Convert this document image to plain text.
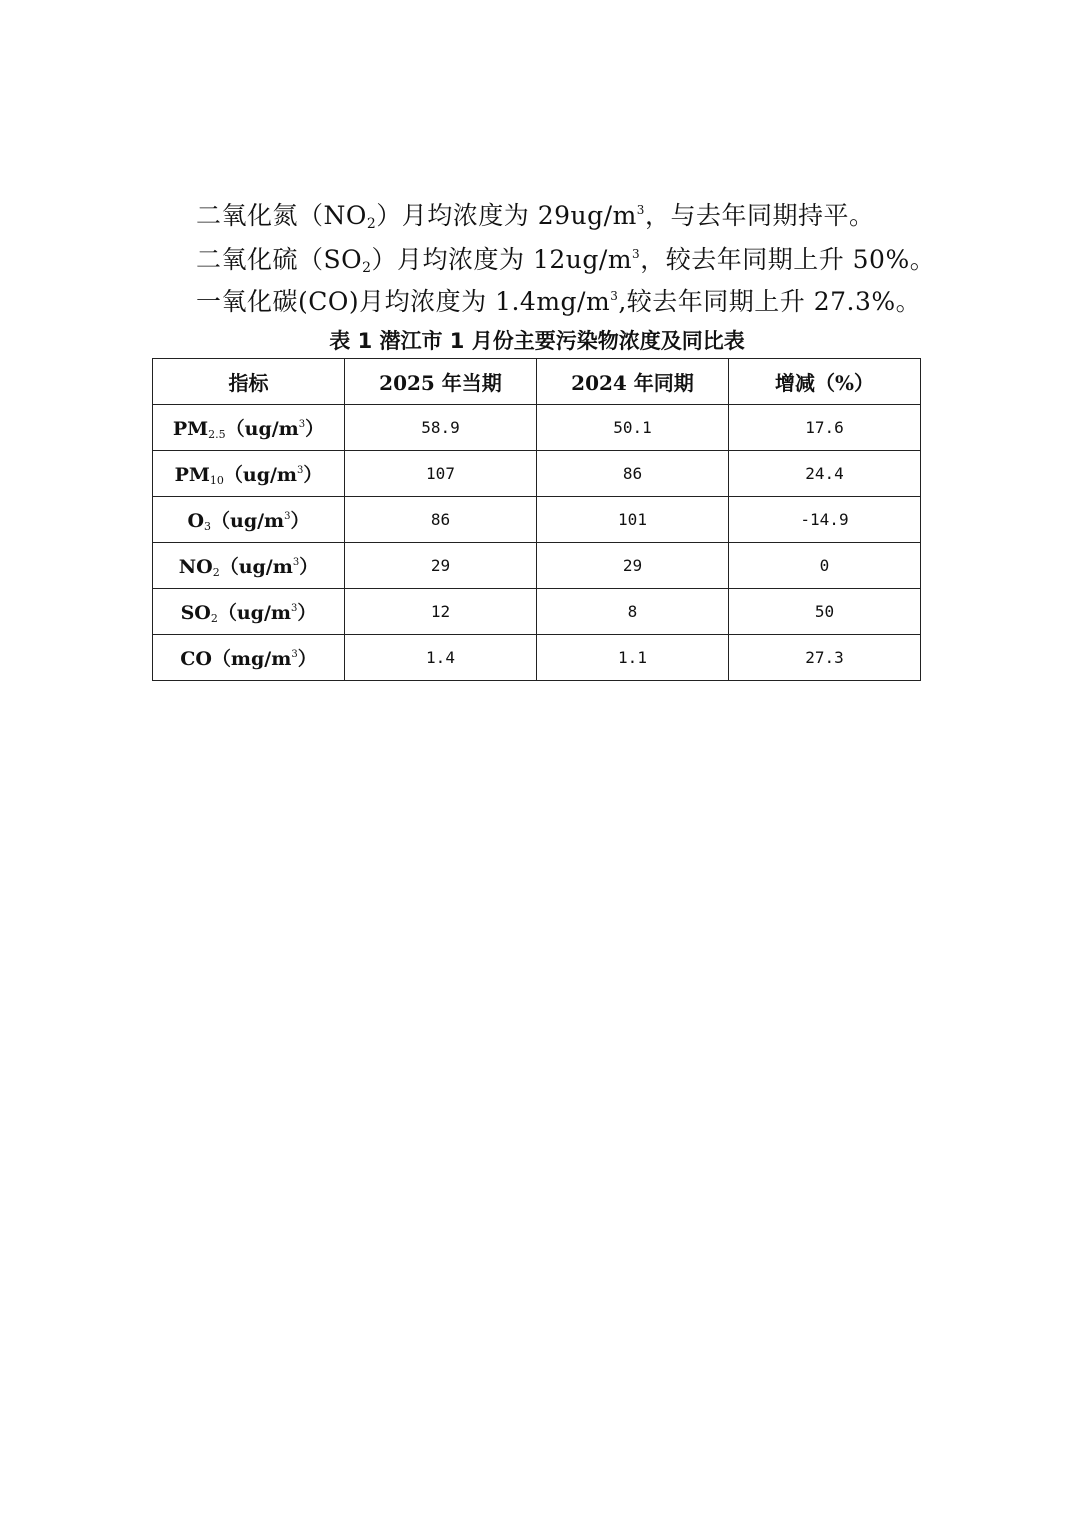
二氧化氮$(NO_2)$月均浓度为 $29ug/m^3$，与去年同期持平。
二氧化硫$(SO_2)$月均浓度为 $12ug/m^3$，较去年同期上升 50%。
一氧化碳(CO)月均浓度为 $1.4mg/m^3$,较去年同期上升 27.3%。
表 1 潜江市 1 月份主要污染物浓度及同比表
指标	2025 年当期	2024 年同期	增减（%）
$PM_{2.5}(ug/m^3)$	58.9	50.1	17.6
$PM_{10}(ug/m^3)$	107	86	24.4
$O_3(ug/m^3)$	86	101	-14.9
$NO_2(ug/m^3)$	29	29	0
$SO_2(ug/m^3)$	12	8	50
$CO(mg/m^3)$	1.4	1.1	27.3
